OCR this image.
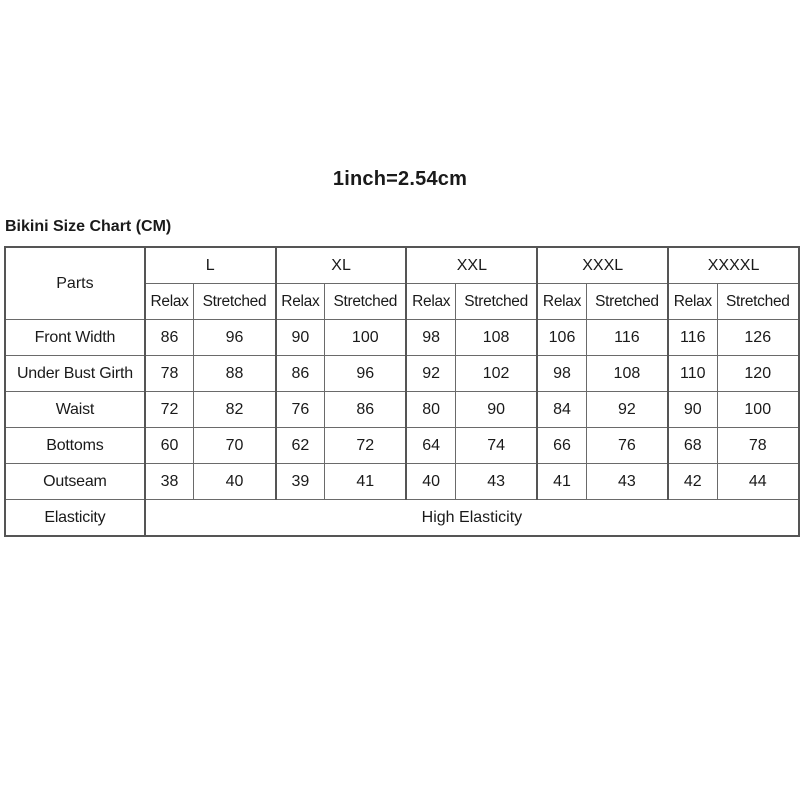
1inch=2.54cm
Bikini Size Chart (CM)
Parts	L		XL		XXL		XXXL		XXXXL	
	Relax	Stretched	Relax	Stretched	Relax	Stretched	Relax	Stretched	Relax	Stretched
Front Width	86	96	90	100	98	108	106	116	116	126
Under Bust Girth	78	88	86	96	92	102	98	108	110	120
Waist	72	82	76	86	80	90	84	92	90	100
Bottoms	60	70	62	72	64	74	66	76	68	78
Outseam	38	40	39	41	40	43	41	43	42	44
Elasticity	High Elasticity									
